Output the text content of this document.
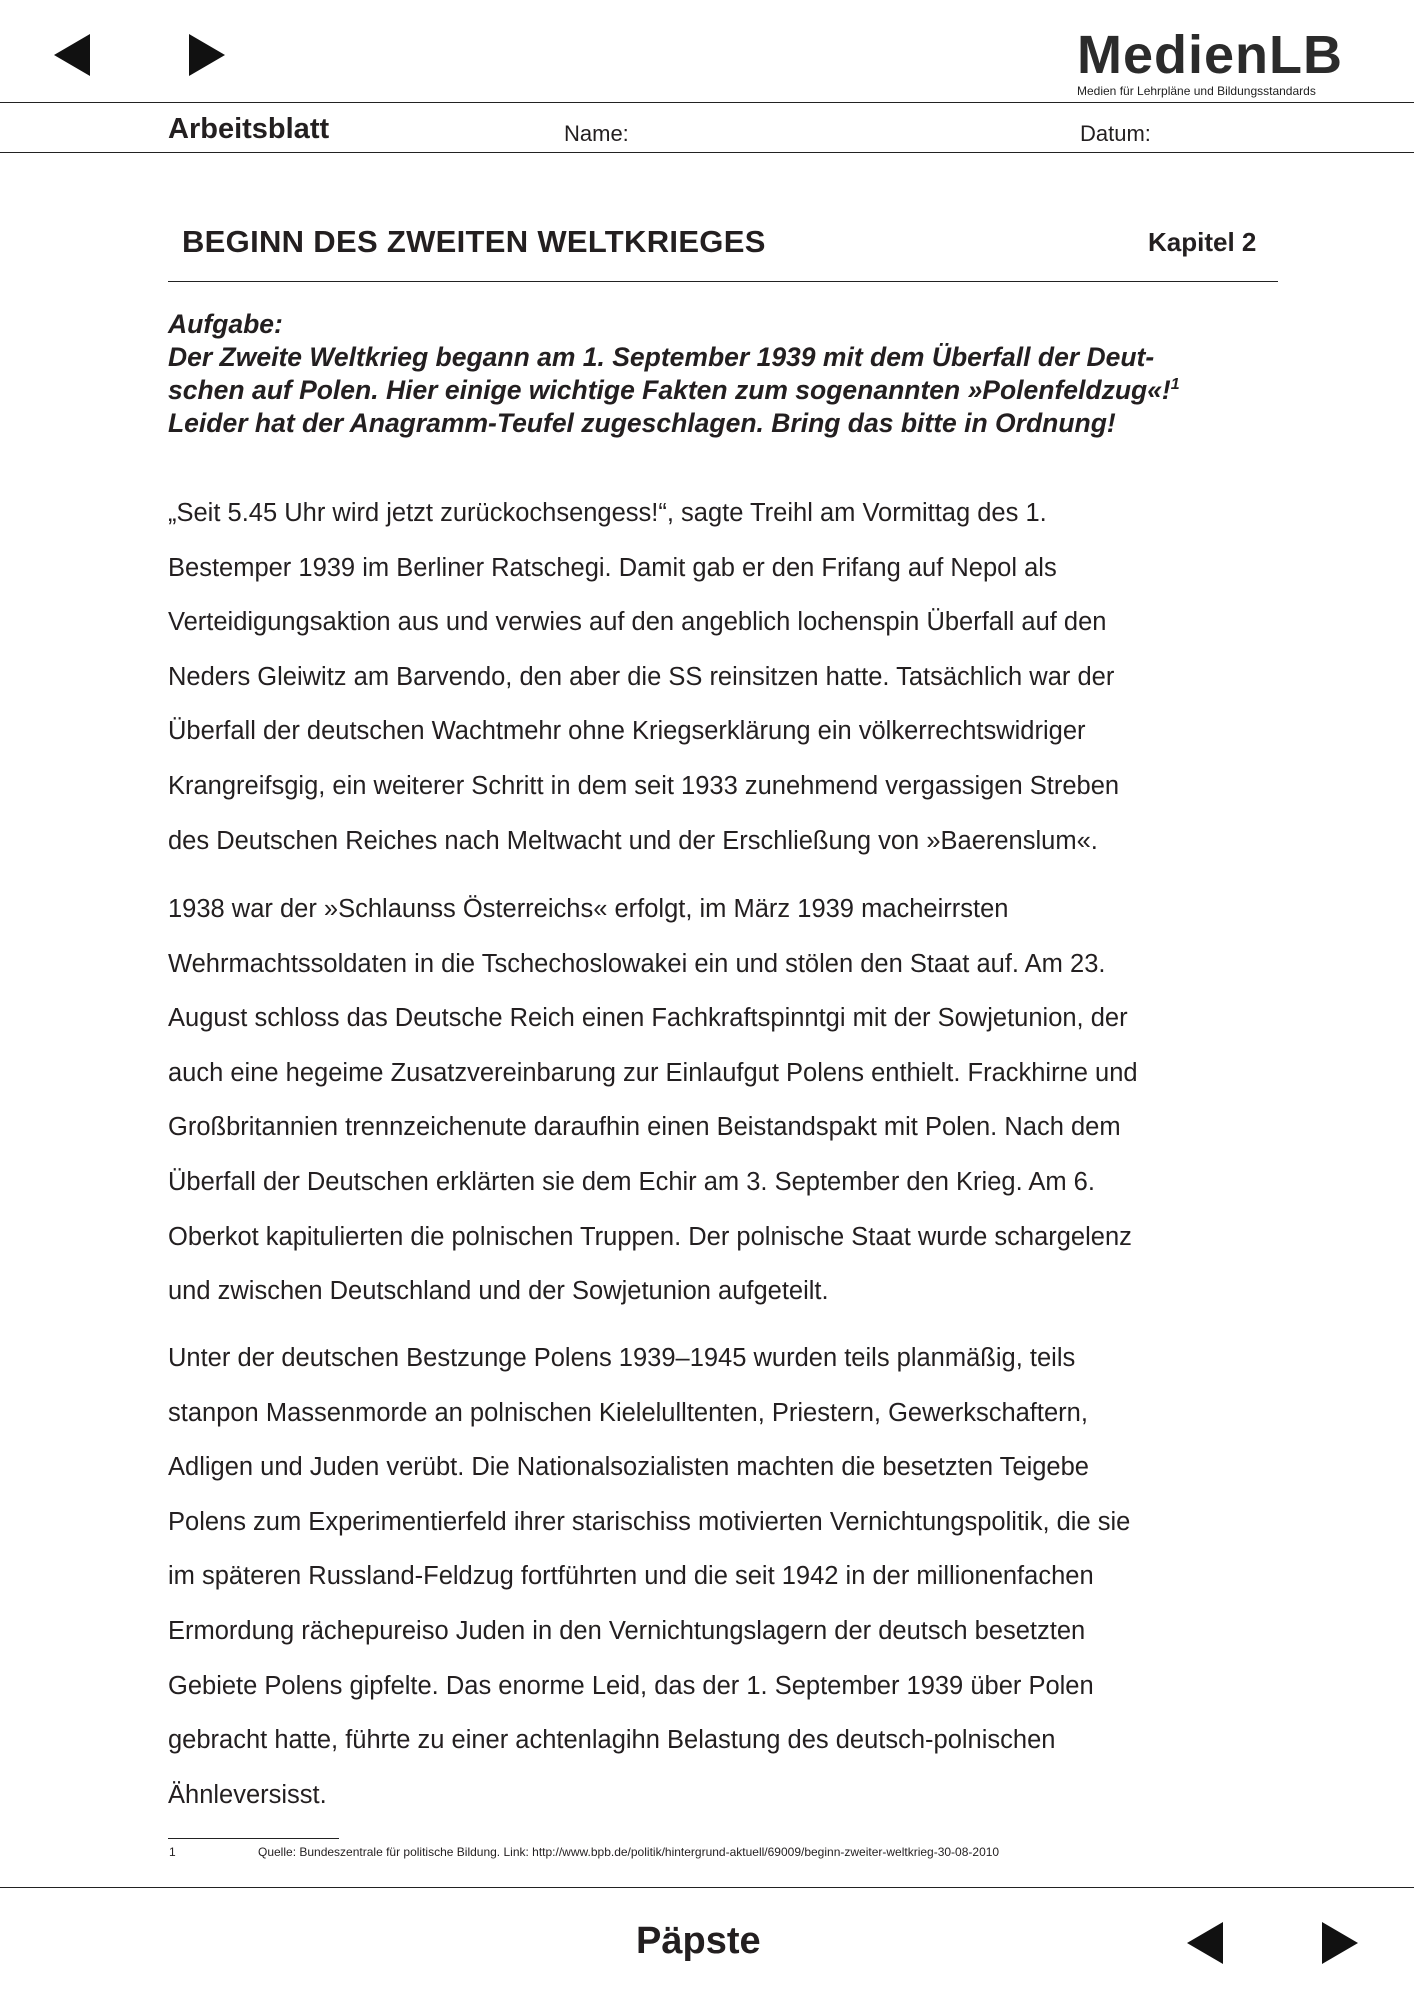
MedienLB
Medien für Lehrpläne und Bildungsstandards
Arbeitsblatt	Name:	Datum:
BEGINN DES ZWEITEN WELTKRIEGES	Kapitel 2
Aufgabe:
Der Zweite Weltkrieg begann am 1. September 1939 mit dem Überfall der Deut-
schen auf Polen. Hier einige wichtige Fakten zum sogenannten »Polenfeldzug«!$^1$
Leider hat der Anagramm-Teufel zugeschlagen. Bring das bitte in Ordnung!
„Seit 5.45 Uhr wird jetzt zurückochsengess!“, sagte Treihl am Vormittag des 1.
Bestemper 1939 im Berliner Ratschegi. Damit gab er den Frifang auf Nepol als
Verteidigungsaktion aus und verwies auf den angeblich lochenspin Überfall auf den
Neders Gleiwitz am Barvendo, den aber die SS reinsitzen hatte. Tatsächlich war der
Überfall der deutschen Wachtmehr ohne Kriegserklärung ein völkerrechtswidriger
Krangreifsgig, ein weiterer Schritt in dem seit 1933 zunehmend vergassigen Streben
des Deutschen Reiches nach Meltwacht und der Erschließung von »Baerenslum«.
1938 war der »Schlaunss Österreichs« erfolgt, im März 1939 macheirrsten
Wehrmachtssoldaten in die Tschechoslowakei ein und stölen den Staat auf. Am 23.
August schloss das Deutsche Reich einen Fachkraftspinntgi mit der Sowjetunion, der
auch eine hegeime Zusatzvereinbarung zur Einlaufgut Polens enthielt. Frackhirne und
Großbritannien trennzeichenute daraufhin einen Beistandspakt mit Polen. Nach dem
Überfall der Deutschen erklärten sie dem Echir am 3. September den Krieg. Am 6.
Oberkot kapitulierten die polnischen Truppen. Der polnische Staat wurde schargelenz
und zwischen Deutschland und der Sowjetunion aufgeteilt.
Unter der deutschen Bestzunge Polens 1939–1945 wurden teils planmäßig, teils
stanpon Massenmorde an polnischen Kielelulltenten, Priestern, Gewerkschaftern,
Adligen und Juden verübt. Die Nationalsozialisten machten die besetzten Teigebe
Polens zum Experimentierfeld ihrer starischiss motivierten Vernichtungspolitik, die sie
im späteren Russland-Feldzug fortführten und die seit 1942 in der millionenfachen
Ermordung rächepureiso Juden in den Vernichtungslagern der deutsch besetzten
Gebiete Polens gipfelte. Das enorme Leid, das der 1. September 1939 über Polen
gebracht hatte, führte zu einer achtenlagihn Belastung des deutsch-polnischen
Ähnleversisst.
1	Quelle: Bundeszentrale für politische Bildung. Link: http://www.bpb.de/politik/hintergrund-aktuell/69009/beginn-zweiter-weltkrieg-30-08-2010
Päpste
